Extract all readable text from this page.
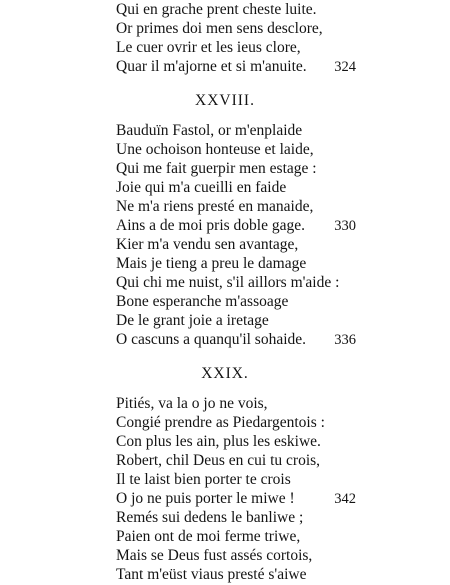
Qui en grache prent cheste luite.
Or primes doi men sens desclore,
Le cuer ovrir et les ieus clore,
Quar il m'ajorne et si m'anuite. 324
XXVIII.
Bauduïn Fastol, or m'enplaide
Une ochoison honteuse et laide,
Qui me fait guerpir men estage :
Joie qui m'a cueilli en faide
Ne m'a riens presté en manaide,
Ains a de moi pris doble gage. 330
Kier m'a vendu sen avantage,
Mais je tieng a preu le damage
Qui chi me nuist, s'il aillors m'aide :
Bone esperanche m'assoage
De le grant joie a iretage
O cascuns a quanqu'il sohaide. 336
XXIX.
Pitiés, va la o jo ne vois,
Congié prendre as Piedargentois :
Con plus les ain, plus les eskiwe.
Robert, chil Deus en cui tu crois,
Il te laist bien porter te crois
O jo ne puis porter le miwe !	342
Remés sui dedens le banliwe ;
Paien ont de moi ferme triwe,
Mais se Deus fust assés cortois,
Tant m'eüst viaus presté s'aiwe
